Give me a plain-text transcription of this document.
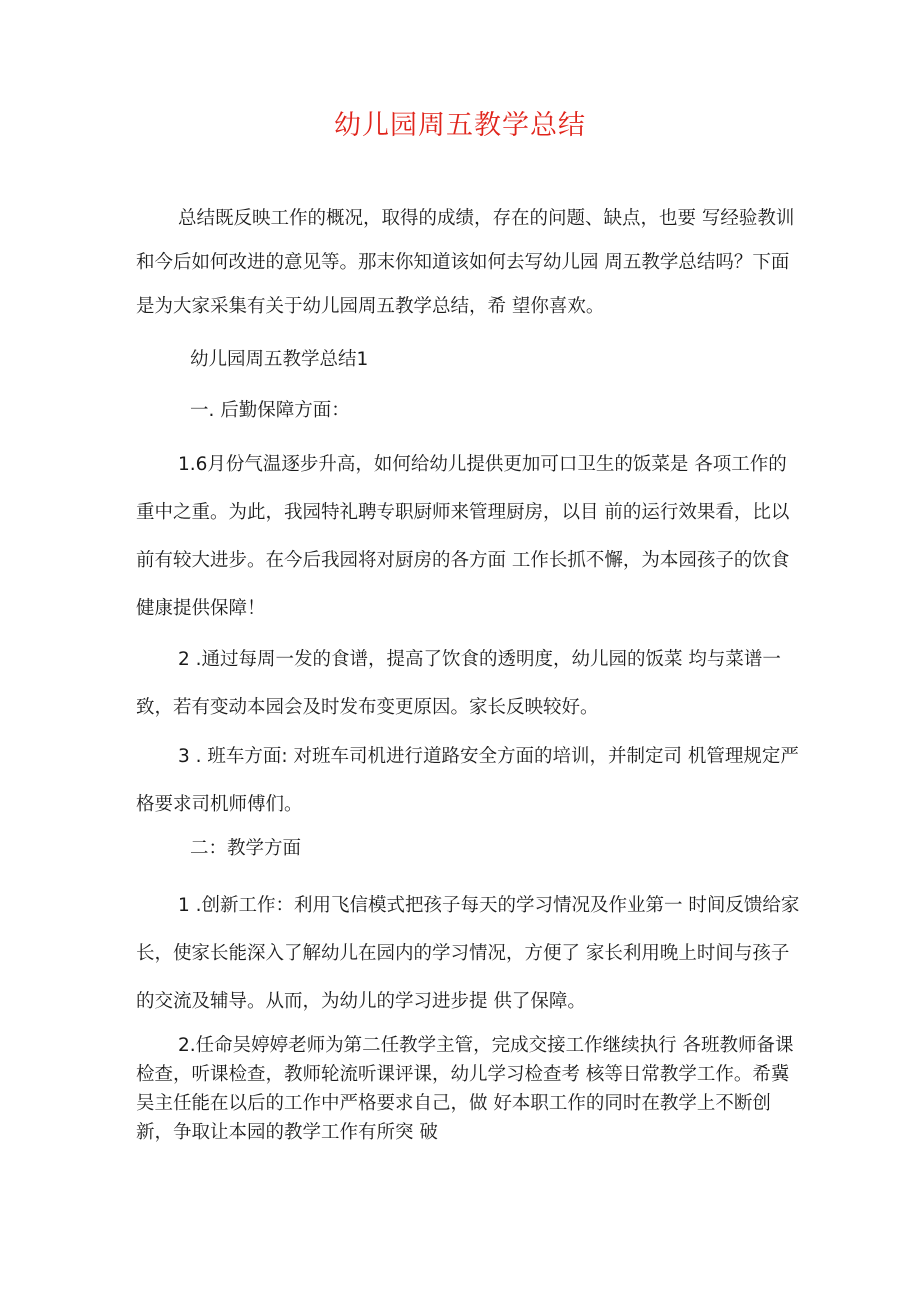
幼儿园周五教学总结

总结既反映工作的概况，取得的成绩，存在的问题、缺点，也要 写经验教训和今后如何改进的意见等。那末你知道该如何去写幼儿园 周五教学总结吗？下面是为大家采集有关于幼儿园周五教学总结，希 望你喜欢。

幼儿园周五教学总结1

一. 后勤保障方面：

1.6月份气温逐步升高，如何给幼儿提供更加可口卫生的饭菜是 各项工作的重中之重。为此，我园特礼聘专职厨师来管理厨房，以目 前的运行效果看，比以前有较大进步。在今后我园将对厨房的各方面 工作长抓不懈，为本园孩子的饮食健康提供保障！

2 .通过每周一发的食谱，提高了饮食的透明度，幼儿园的饭菜 均与菜谱一致，若有变动本园会及时发布变更原因。家长反映较好。

3 . 班车方面: 对班车司机进行道路安全方面的培训，并制定司 机管理规定严格要求司机师傅们。

二：教学方面

1 .创新工作：利用飞信模式把孩子每天的学习情况及作业第一 时间反馈给家长，使家长能深入了解幼儿在园内的学习情况，方便了 家长利用晚上时间与孩子的交流及辅导。从而，为幼儿的学习进步提 供了保障。

2.任命吴婷婷老师为第二任教学主管，完成交接工作继续执行 各班教师备课检查，听课检查，教师轮流听课评课，幼儿学习检查考 核等日常教学工作。希冀吴主任能在以后的工作中严格要求自己，做 好本职工作的同时在教学上不断创新，争取让本园的教学工作有所突 破
